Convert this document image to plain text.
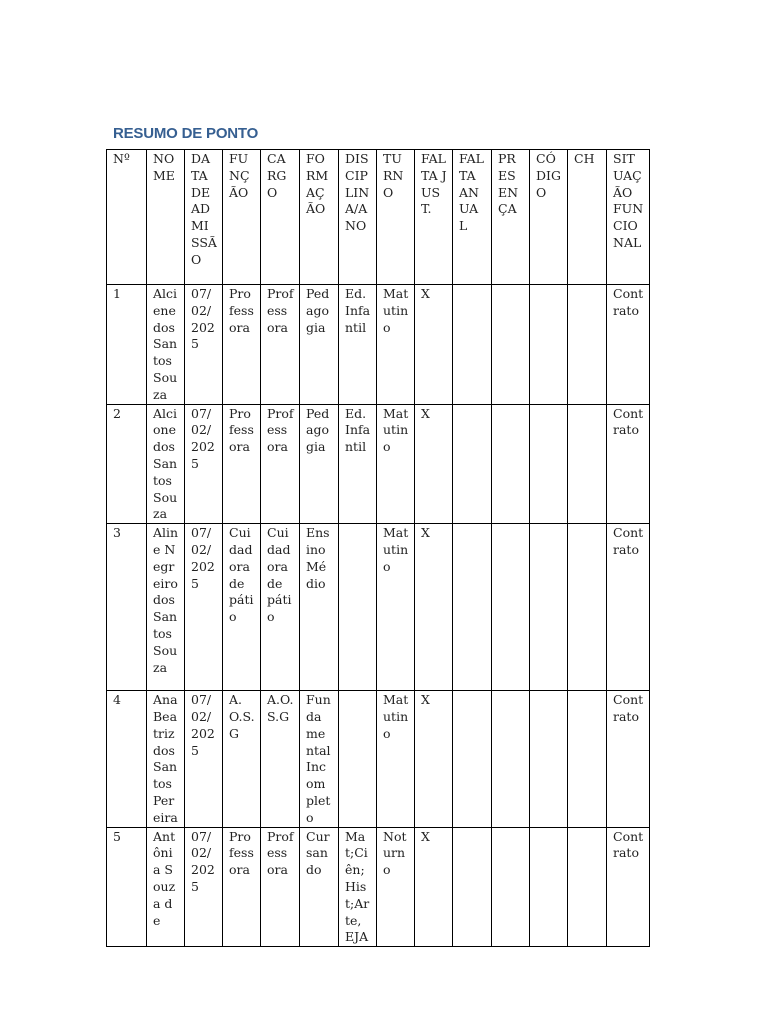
RESUMO DE PONTO
Nº	NOME	DATA DE ADMISSÃO	FUNÇÃO	CARGO	FORMAÇÃO	DISCIPLINA/ANO	TURNO	FALTA JUST.	FALTA ANUAL	PRESENÇA	CÓDIGO	CH	SITUAÇÃO FUNCIONAL
1	Alciene dos Santos Souza	07/02/2025	Professora	Professora	Pedagogia	Ed. Infantil	Matutino	X					Contrato
2	Alcione dos Santos Souza	07/02/2025	Professora	Professora	Pedagogia	Ed. Infantil	Matutino	X					Contrato
3	Aline Negreiro dos Santos Souza	07/02/2025	Cuidadora de pátio	Cuidadora de pátio	Ensino Médio		Matutino	X					Contrato
4	Ana Beatriz dos Santos Pereira	07/02/2025	A.O.S.G	A.O.S.G	Fundamental Incompleto		Matutino	X					Contrato
5	Antônia Souza de	07/02/2025	Professora	Professora	Cursando	Mat;Ciên;Hist;Arte, EJA	Noturno	X					Contrato
